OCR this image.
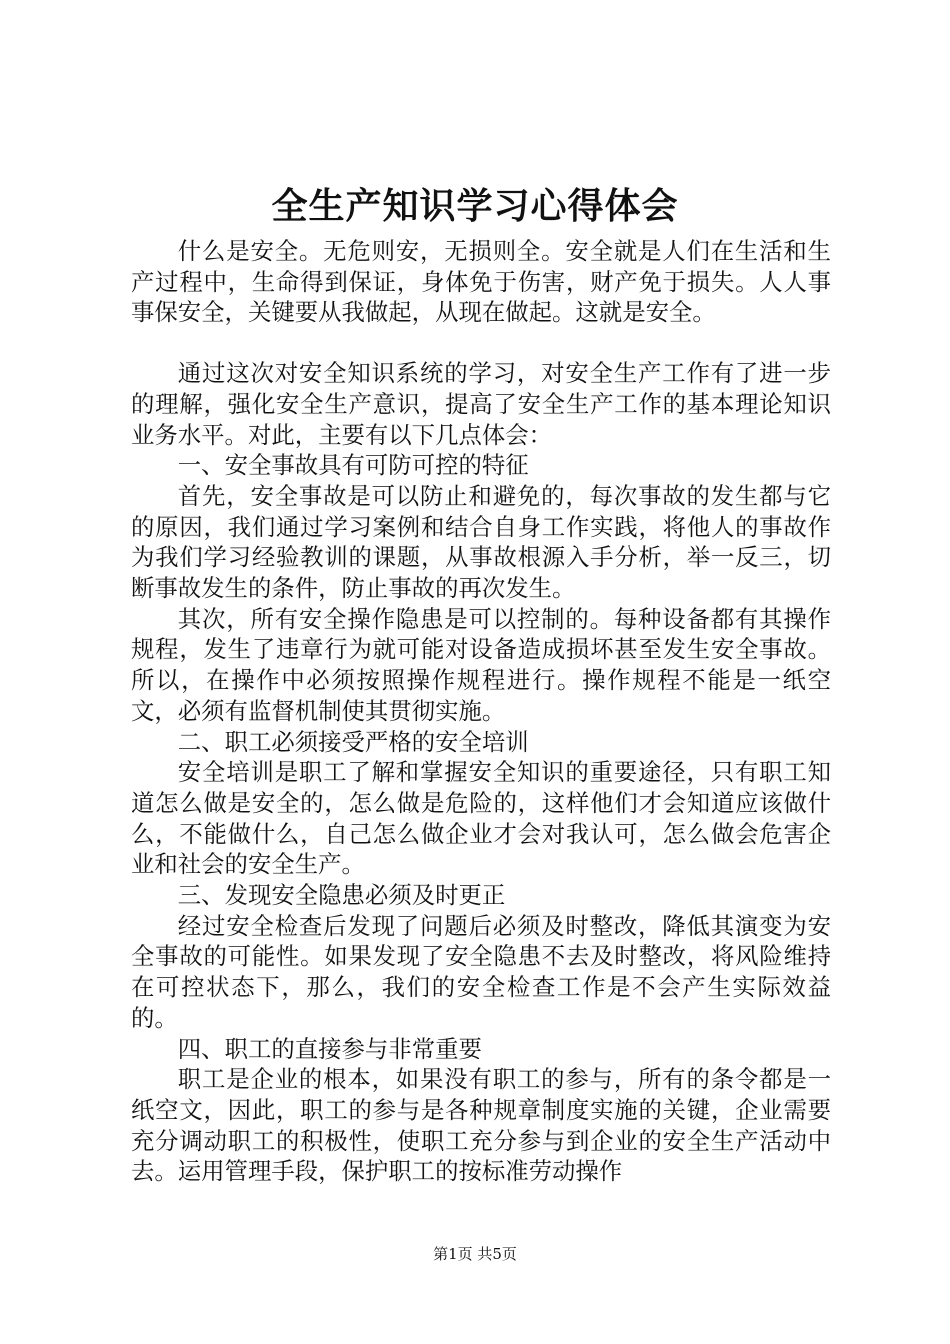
全生产知识学习心得体会

什么是安全。无危则安，无损则全。安全就是人们在生活和生产过程中，生命得到保证，身体免于伤害，财产免于损失。人人事事保安全，关键要从我做起，从现在做起。这就是安全。

通过这次对安全知识系统的学习，对安全生产工作有了进一步的理解，强化安全生产意识，提高了安全生产工作的基本理论知识业务水平。对此，主要有以下几点体会：

一、安全事故具有可防可控的特征

首先，安全事故是可以防止和避免的，每次事故的发生都与它的原因，我们通过学习案例和结合自身工作实践，将他人的事故作为我们学习经验教训的课题，从事故根源入手分析，举一反三，切断事故发生的条件，防止事故的再次发生。

其次，所有安全操作隐患是可以控制的。每种设备都有其操作规程，发生了违章行为就可能对设备造成损坏甚至发生安全事故。所以，在操作中必须按照操作规程进行。操作规程不能是一纸空文，必须有监督机制使其贯彻实施。

二、职工必须接受严格的安全培训

安全培训是职工了解和掌握安全知识的重要途径，只有职工知道怎么做是安全的，怎么做是危险的，这样他们才会知道应该做什么，不能做什么，自己怎么做企业才会对我认可，怎么做会危害企业和社会的安全生产。

三、发现安全隐患必须及时更正

经过安全检查后发现了问题后必须及时整改，降低其演变为安全事故的可能性。如果发现了安全隐患不去及时整改，将风险维持在可控状态下，那么，我们的安全检查工作是不会产生实际效益的。

四、职工的直接参与非常重要

职工是企业的根本，如果没有职工的参与，所有的条令都是一纸空文，因此，职工的参与是各种规章制度实施的关键，企业需要充分调动职工的积极性，使职工充分参与到企业的安全生产活动中去。运用管理手段，保护职工的按标准劳动操作

第1页 共5页
